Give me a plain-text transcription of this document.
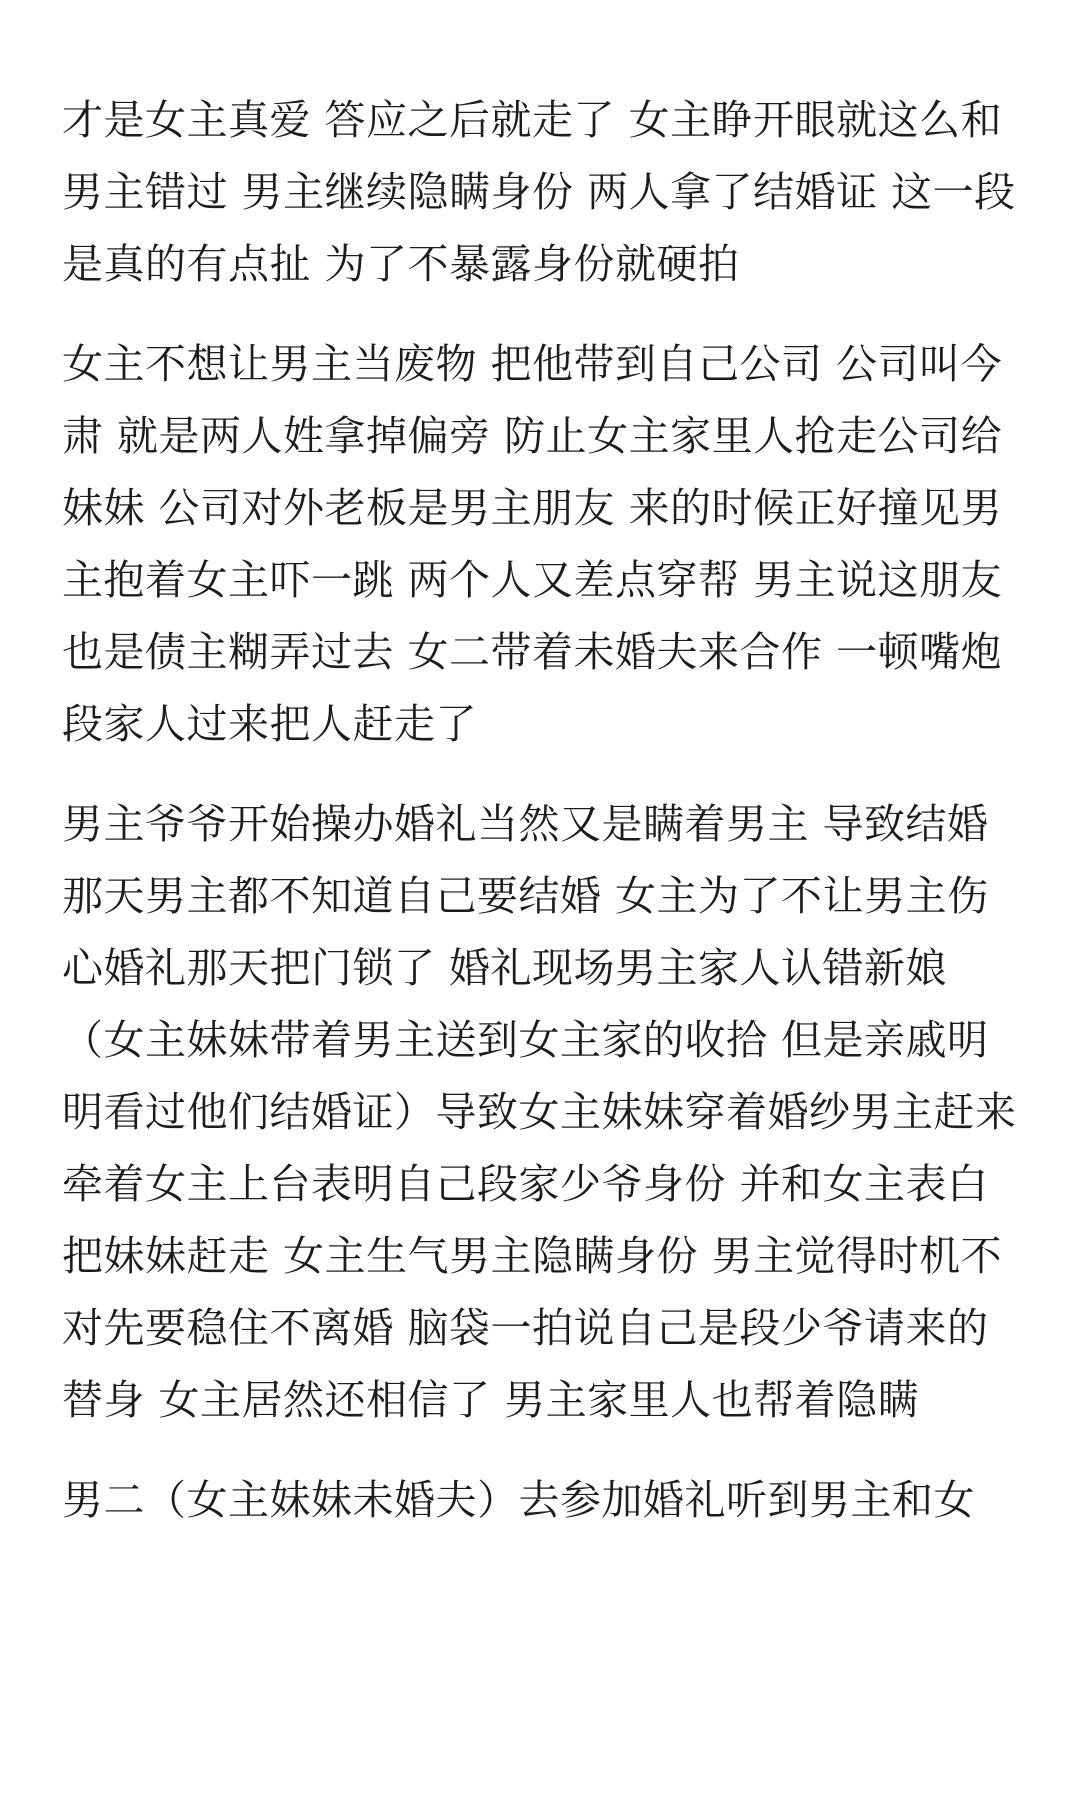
才是女主真爱 答应之后就走了 女主睁开眼就这么和男主错过 男主继续隐瞒身份 两人拿了结婚证 这一段是真的有点扯 为了不暴露身份就硬拍

女主不想让男主当废物 把他带到自己公司 公司叫今肃 就是两人姓拿掉偏旁 防止女主家里人抢走公司给妹妹 公司对外老板是男主朋友 来的时候正好撞见男主抱着女主吓一跳 两个人又差点穿帮 男主说这朋友也是债主糊弄过去 女二带着未婚夫来合作 一顿嘴炮 段家人过来把人赶走了

男主爷爷开始操办婚礼当然又是瞒着男主 导致结婚那天男主都不知道自己要结婚 女主为了不让男主伤心婚礼那天把门锁了 婚礼现场男主家人认错新娘（女主妹妹带着男主送到女主家的收拾 但是亲戚明明看过他们结婚证）导致女主妹妹穿着婚纱男主赶来牵着女主上台表明自己段家少爷身份 并和女主表白 把妹妹赶走 女主生气男主隐瞒身份 男主觉得时机不对先要稳住不离婚 脑袋一拍说自己是段少爷请来的替身 女主居然还相信了 男主家里人也帮着隐瞒

男二（女主妹妹未婚夫）去参加婚礼听到男主和女
